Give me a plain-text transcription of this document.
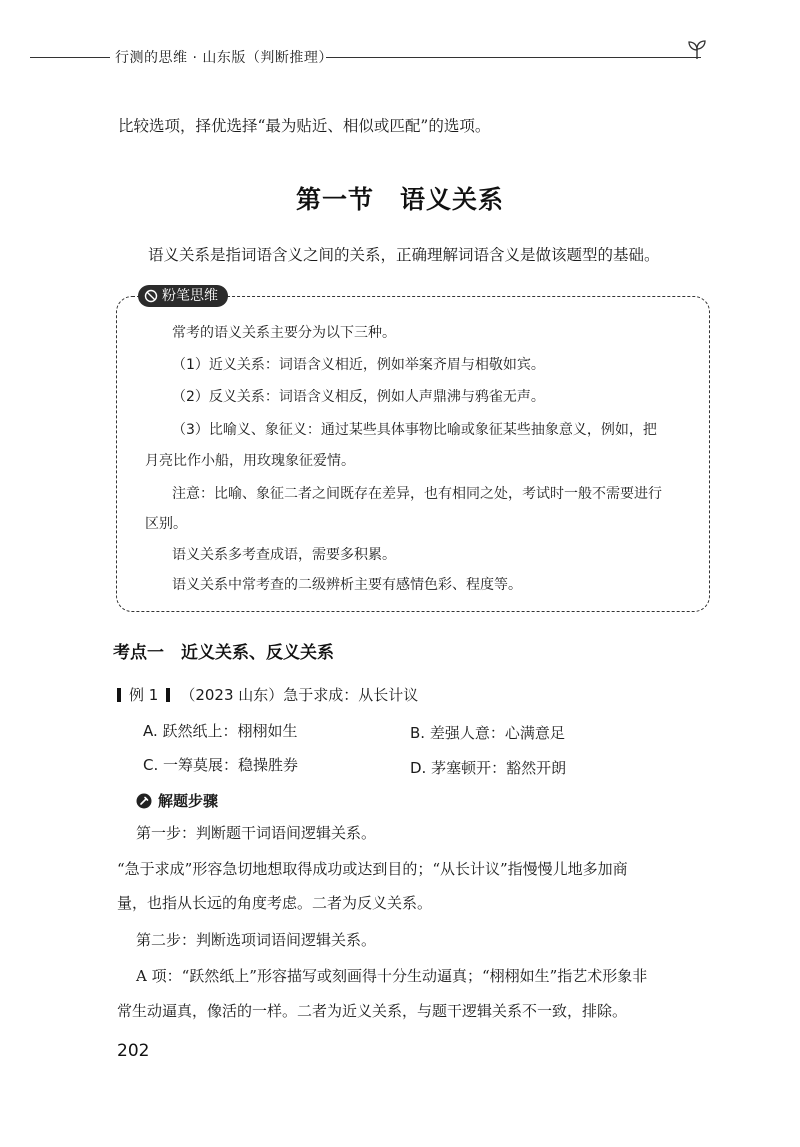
行测的思维 · 山东版（判断推理）
比较选项，择优选择“最为贴近、相似或匹配”的选项。
第一节　语义关系
语义关系是指词语含义之间的关系，正确理解词语含义是做该题型的基础。
粉笔思维
常考的语义关系主要分为以下三种。
（1）近义关系：词语含义相近，例如举案齐眉与相敬如宾。
（2）反义关系：词语含义相反，例如人声鼎沸与鸦雀无声。
（3）比喻义、象征义：通过某些具体事物比喻或象征某些抽象意义，例如，把
月亮比作小船，用玫瑰象征爱情。
注意：比喻、象征二者之间既存在差异，也有相同之处，考试时一般不需要进行
区别。
语义关系多考查成语，需要多积累。
语义关系中常考查的二级辨析主要有感情色彩、程度等。
考点一　近义关系、反义关系
例 1 （2023 山东）急于求成：从长计议
A. 跃然纸上：栩栩如生	B. 差强人意：心满意足
C. 一筹莫展：稳操胜券	D. 茅塞顿开：豁然开朗
解题步骤
第一步：判断题干词语间逻辑关系。
“急于求成”形容急切地想取得成功或达到目的；“从长计议”指慢慢儿地多加商
量，也指从长远的角度考虑。二者为反义关系。
第二步：判断选项词语间逻辑关系。
A 项：“跃然纸上”形容描写或刻画得十分生动逼真；“栩栩如生”指艺术形象非
常生动逼真，像活的一样。二者为近义关系，与题干逻辑关系不一致，排除。
202
